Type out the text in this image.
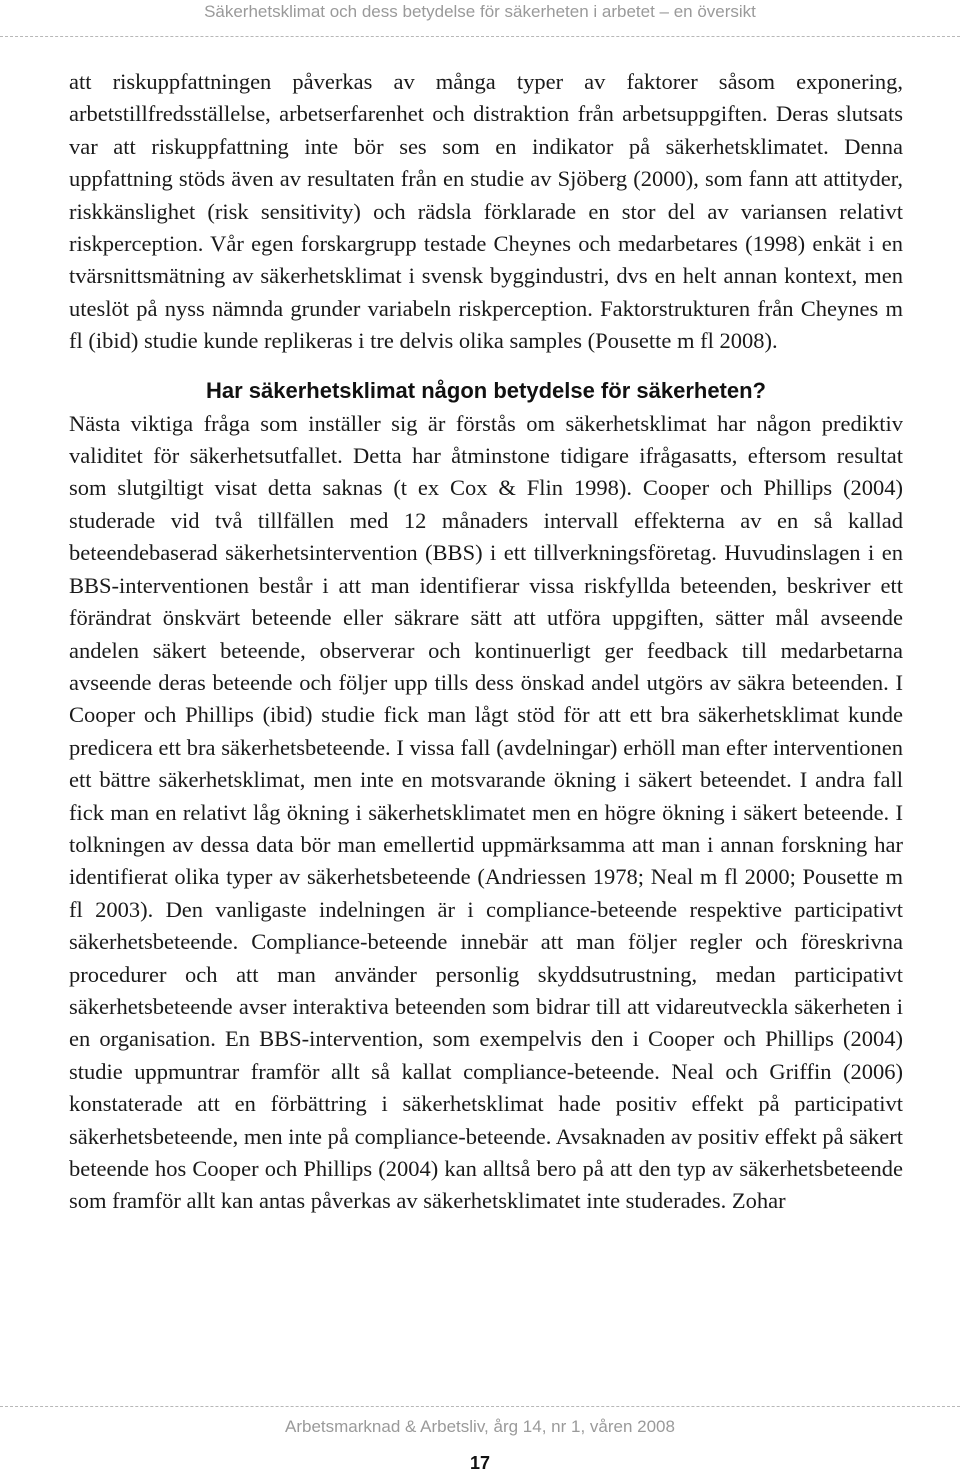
Säkerhetsklimat och dess betydelse för säkerheten i arbetet – en översikt

att riskuppfattningen påverkas av många typer av faktorer såsom exponering, arbetstillfredsställelse, arbetserfarenhet och distraktion från arbetsuppgiften. Deras slutsats var att riskuppfattning inte bör ses som en indikator på säkerhetsklimatet. Denna uppfattning stöds även av resultaten från en studie av Sjöberg (2000), som fann att attityder, riskkänslighet (risk sensitivity) och rädsla förklarade en stor del av variansen relativt riskperception. Vår egen forskargrupp testade Cheynes och medarbetares (1998) enkät i en tvärsnittsmätning av säkerhetsklimat i svensk byggindustri, dvs en helt annan kontext, men uteslöt på nyss nämnda grunder variabeln riskperception. Faktorstrukturen från Cheynes m fl (ibid) studie kunde replikeras i tre delvis olika samples (Pousette m fl 2008).

Har säkerhetsklimat någon betydelse för säkerheten?

Nästa viktiga fråga som inställer sig är förstås om säkerhetsklimat har någon prediktiv validitet för säkerhetsutfallet. Detta har åtminstone tidigare ifrågasatts, eftersom resultat som slutgiltigt visat detta saknas (t ex Cox & Flin 1998). Cooper och Phillips (2004) studerade vid två tillfällen med 12 månaders intervall effekterna av en så kallad beteendebaserad säkerhetsintervention (BBS) i ett tillverkningsföretag. Huvudinslagen i en BBS-interventionen består i att man identifierar vissa riskfyllda beteenden, beskriver ett förändrat önskvärt beteende eller säkrare sätt att utföra uppgiften, sätter mål avseende andelen säkert beteende, observerar och kontinuerligt ger feedback till medarbetarna avseende deras beteende och följer upp tills dess önskad andel utgörs av säkra beteenden. I Cooper och Phillips (ibid) studie fick man lågt stöd för att ett bra säkerhetsklimat kunde predicera ett bra säkerhetsbeteende. I vissa fall (avdelningar) erhöll man efter interventionen ett bättre säkerhetsklimat, men inte en motsvarande ökning i säkert beteendet. I andra fall fick man en relativt låg ökning i säkerhetsklimatet men en högre ökning i säkert beteende. I tolkningen av dessa data bör man emellertid uppmärksamma att man i annan forskning har identifierat olika typer av säkerhetsbeteende (Andriessen 1978; Neal m fl 2000; Pousette m fl 2003). Den vanligaste indelningen är i compliance-beteende respektive participativt säkerhetsbeteende. Compliance-beteende innebär att man följer regler och föreskrivna procedurer och att man använder personlig skyddsutrustning, medan participativt säkerhetsbeteende avser interaktiva beteenden som bidrar till att vidareutveckla säkerheten i en organisation. En BBS-intervention, som exempelvis den i Cooper och Phillips (2004) studie uppmuntrar framför allt så kallat compliance-beteende. Neal och Griffin (2006) konstaterade att en förbättring i säkerhetsklimat hade positiv effekt på participativt säkerhetsbeteende, men inte på compliance-beteende. Avsaknaden av positiv effekt på säkert beteende hos Cooper och Phillips (2004) kan alltså bero på att den typ av säkerhetsbeteende som framför allt kan antas påverkas av säkerhetsklimatet inte studerades. Zohar

Arbetsmarknad & Arbetsliv, årg 14, nr 1, våren 2008
17
